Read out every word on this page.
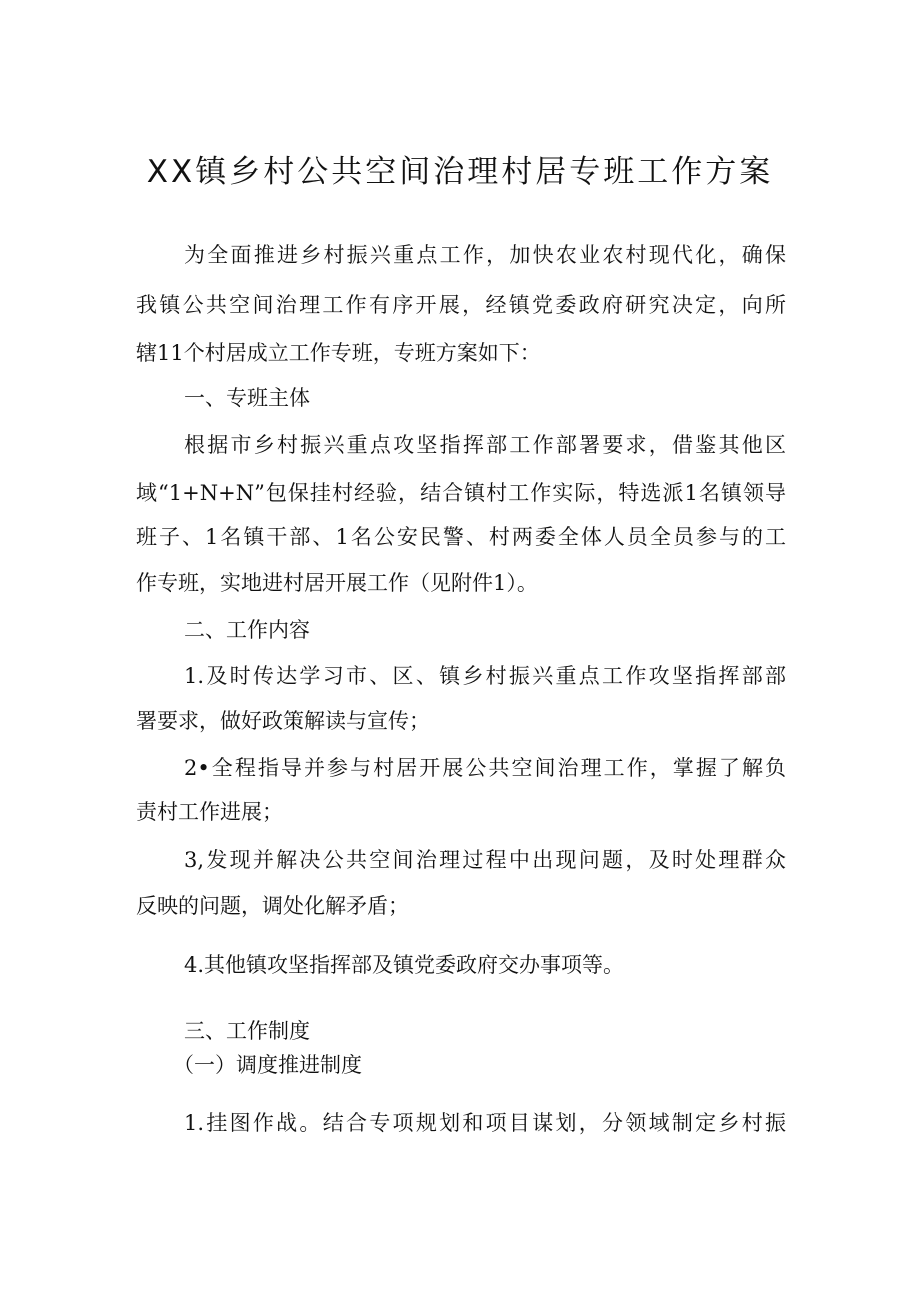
XX镇乡村公共空间治理村居专班工作方案
为全面推进乡村振兴重点工作，加快农业农村现代化，确保
我镇公共空间治理工作有序开展，经镇党委政府研究决定，向所
辖11个村居成立工作专班，专班方案如下：
一、专班主体
根据市乡村振兴重点攻坚指挥部工作部署要求，借鉴其他区
域“1+N+N”包保挂村经验，结合镇村工作实际，特选派1名镇领导
班子、1名镇干部、1名公安民警、村两委全体人员全员参与的工
作专班，实地进村居开展工作（见附件1）。
二、工作内容
1.及时传达学习市、区、镇乡村振兴重点工作攻坚指挥部部
署要求，做好政策解读与宣传；
2•全程指导并参与村居开展公共空间治理工作，掌握了解负
责村工作进展；
3,发现并解决公共空间治理过程中出现问题，及时处理群众
反映的问题，调处化解矛盾；
4.其他镇攻坚指挥部及镇党委政府交办事项等。
三、工作制度
（一）调度推进制度
1.挂图作战。结合专项规划和项目谋划，分领域制定乡村振
